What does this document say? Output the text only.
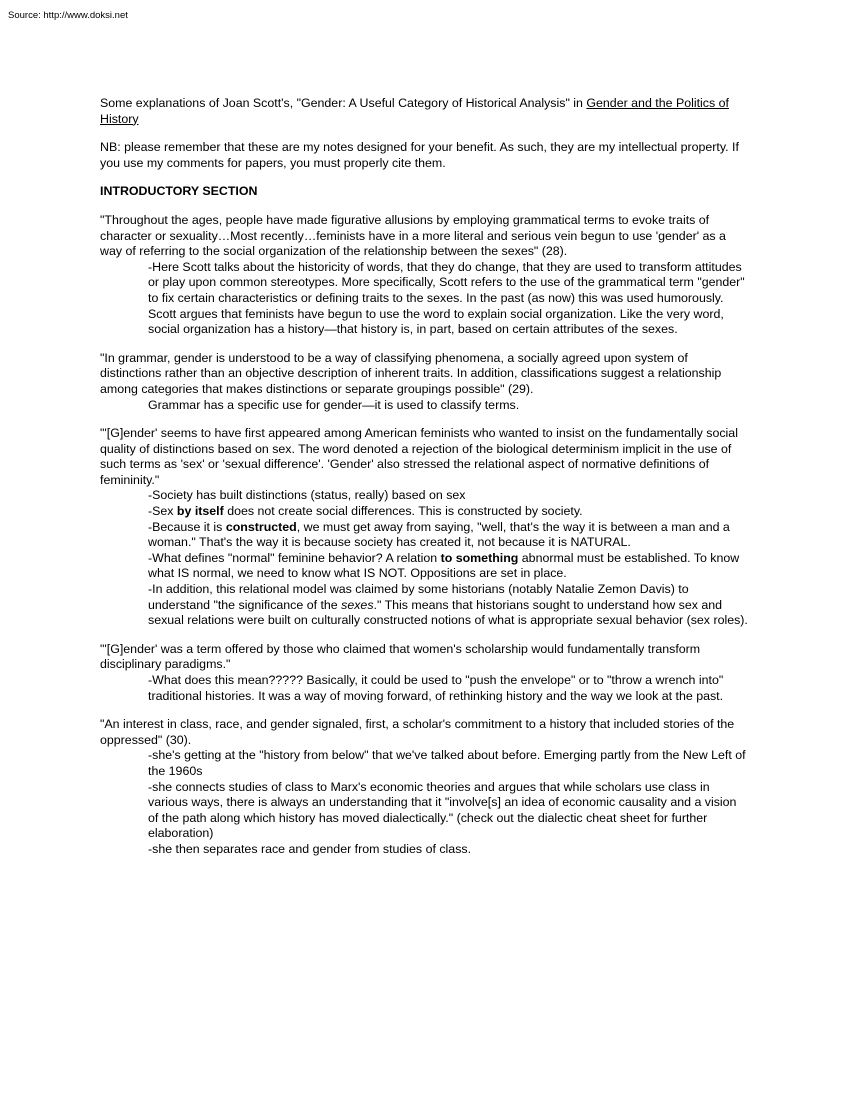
Source: http://www.doksi.net

Some explanations of Joan Scott's, "Gender: A Useful Category of Historical Analysis" in Gender and the Politics of History

NB: please remember that these are my notes designed for your benefit. As such, they are my intellectual property. If you use my comments for papers, you must properly cite them.

INTRODUCTORY SECTION

"Throughout the ages, people have made figurative allusions by employing grammatical terms to evoke traits of character or sexuality…Most recently…feminists have in a more literal and serious vein begun to use 'gender' as a way of referring to the social organization of the relationship between the sexes" (28).

-Here Scott talks about the historicity of words, that they do change, that they are used to transform attitudes or play upon common stereotypes. More specifically, Scott refers to the use of the grammatical term "gender" to fix certain characteristics or defining traits to the sexes. In the past (as now) this was used humorously. Scott argues that feminists have begun to use the word to explain social organization. Like the very word, social organization has a history—that history is, in part, based on certain attributes of the sexes.

"In grammar, gender is understood to be a way of classifying phenomena, a socially agreed upon system of distinctions rather than an objective description of inherent traits. In addition, classifications suggest a relationship among categories that makes distinctions or separate groupings possible" (29).

Grammar has a specific use for gender—it is used to classify terms.

"'[G]ender' seems to have first appeared among American feminists who wanted to insist on the fundamentally social quality of distinctions based on sex. The word denoted a rejection of the biological determinism implicit in the use of such terms as 'sex' or 'sexual difference'. 'Gender' also stressed the relational aspect of normative definitions of femininity."

-Society has built distinctions (status, really) based on sex

-Sex by itself does not create social differences. This is constructed by society.

-Because it is constructed, we must get away from saying, "well, that's the way it is between a man and a woman." That's the way it is because society has created it, not because it is NATURAL.

-What defines "normal" feminine behavior? A relation to something abnormal must be established. To know what IS normal, we need to know what IS NOT. Oppositions are set in place.

-In addition, this relational model was claimed by some historians (notably Natalie Zemon Davis) to understand "the significance of the sexes." This means that historians sought to understand how sex and sexual relations were built on culturally constructed notions of what is appropriate sexual behavior (sex roles).

"'[G]ender' was a term offered by those who claimed that women's scholarship would fundamentally transform disciplinary paradigms."

-What does this mean????? Basically, it could be used to "push the envelope" or to "throw a wrench into" traditional histories. It was a way of moving forward, of rethinking history and the way we look at the past.

"An interest in class, race, and gender signaled, first, a scholar's commitment to a history that included stories of the oppressed" (30).

-she's getting at the "history from below" that we've talked about before. Emerging partly from the New Left of the 1960s

-she connects studies of class to Marx's economic theories and argues that while scholars use class in various ways, there is always an understanding that it "involve[s] an idea of economic causality and a vision of the path along which history has moved dialectically." (check out the dialectic cheat sheet for further elaboration)

-she then separates race and gender from studies of class.
